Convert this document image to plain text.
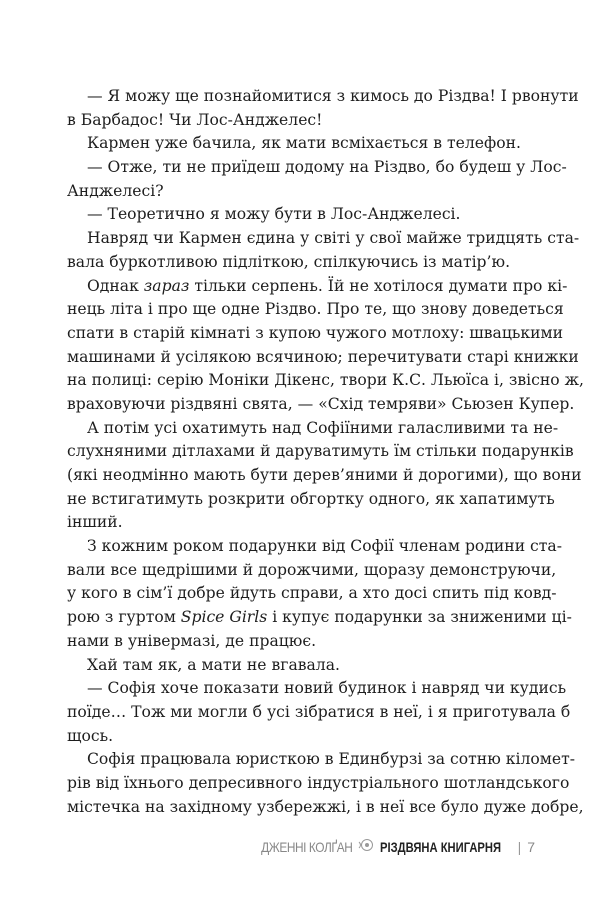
— Я можу ще познайомитися з кимось до Різдва! І рвонути
в Барбадос! Чи Лос-Анджелес!
Кармен уже бачила, як мати всміхається в телефон.
— Отже, ти не приїдеш додому на Різдво, бо будеш у Лос-
Анджелесі?
— Теоретично я можу бути в Лос-Анджелесі.
Навряд чи Кармен єдина у світі у свої майже тридцять ста-
вала буркотливою підліткою, спілкуючись із матір’ю.
Однак зараз тільки серпень. Їй не хотілося думати про кі-
нець літа і про ще одне Різдво. Про те, що знову доведеться
спати в старій кімнаті з купою чужого мотлоху: швацькими
машинами й усілякою всячиною; перечитувати старі книжки
на полиці: серію Моніки Дікенс, твори К.С. Льюїса і, звісно ж,
враховуючи різдвяні свята, — «Схід темряви» Сьюзен Купер.
А потім усі охатимуть над Софіїними галасливими та не-
слухняними дітлахами й даруватимуть їм стільки подарунків
(які неодмінно мають бути дерев’яними й дорогими), що вони
не встигатимуть розкрити обгортку одного, як хапатимуть
інший.
З кожним роком подарунки від Софії членам родини ста-
вали все щедрішими й дорожчими, щоразу демонструючи,
у кого в сім’ї добре йдуть справи, а хто досі спить під ковд-
рою з гуртом Spice Girls і купує подарунки за зниженими ці-
нами в універмазі, де працює.
Хай там як, а мати не вгавала.
— Софія хоче показати новий будинок і навряд чи кудись
поїде… Тож ми могли б усі зібратися в неї, і я приготувала б
щось.
Софія працювала юристкою в Единбурзі за сотню кіломет-
рів від їхнього депресивного індустріального шотландського
містечка на західному узбережжі, і в неї все було дуже добре,
ДЖЕННІ КОЛҐАН РІЗДВЯНА КНИГАРНЯ | 7
